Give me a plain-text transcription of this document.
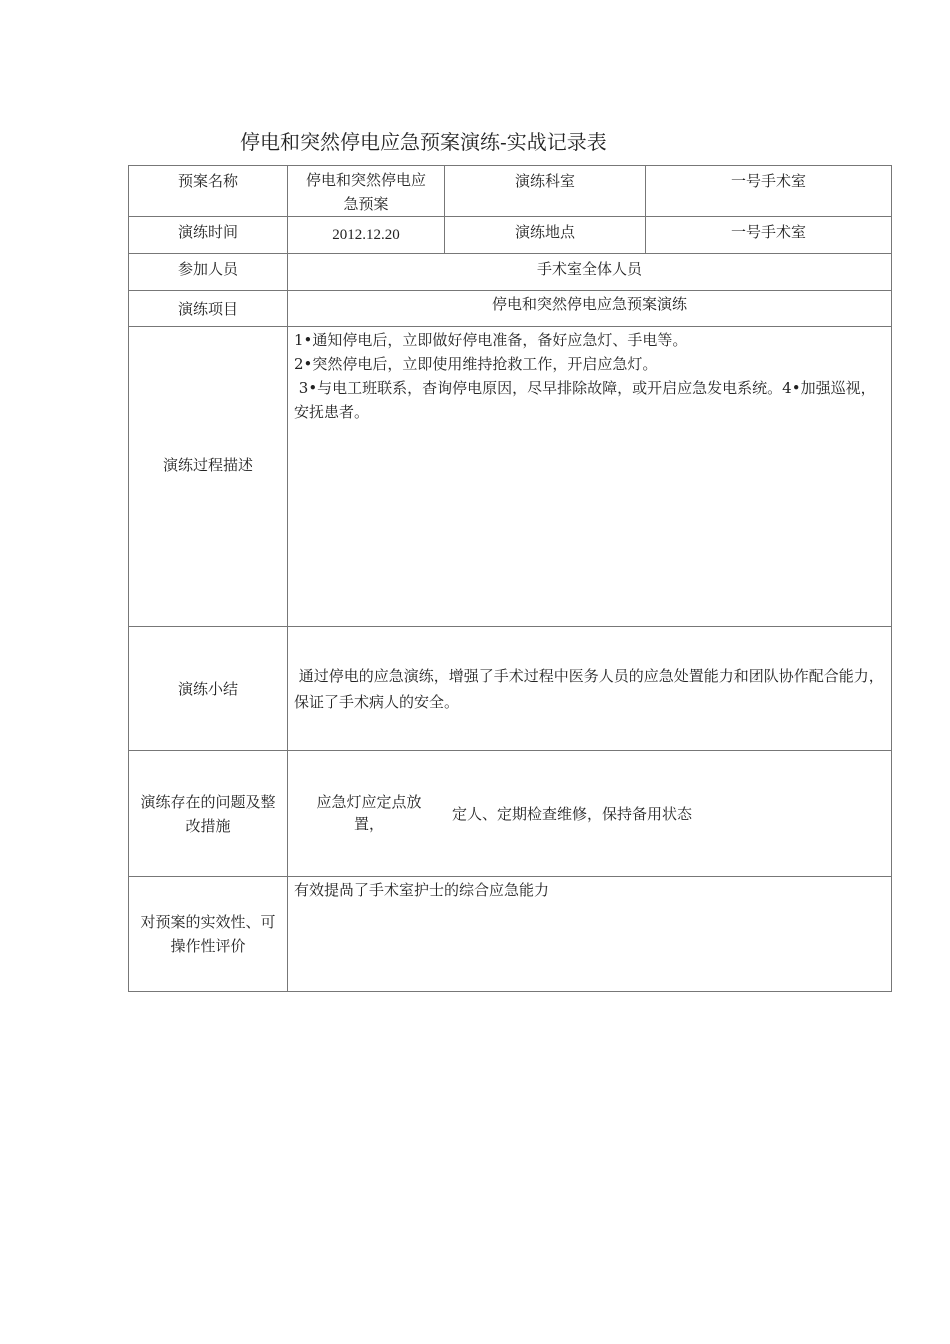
停电和突然停电应急预案演练-实战记录表
预案名称	停电和突然停电应急预案	演练科室	一号手术室
演练时间	2012.12.20	演练地点	一号手术室
参加人员	手术室全体人员		
演练项目	停电和突然停电应急预案演练		
演练过程描述	1•通知停电后，立即做好停电准备，备好应急灯、手电等。
2•突然停电后，立即使用维持抢救工作，开启应急灯。
3•与电工班联系，杳询停电原因，尽早排除故障，或开启应急发电系统。4•加强巡视，安抚患者。		

演练小结	通过停电的应急演练，增强了手术过程中医务人员的应急处置能力和团队协作配合能力，保证了手术病人的安全。		
演练存在的问题及整改措施	应急灯应定点放置，
定人、定期检查维修，保持备用状态		

对预案的实效性、可操作性评价	有效提咼了手术室护士的综合应急能力		
